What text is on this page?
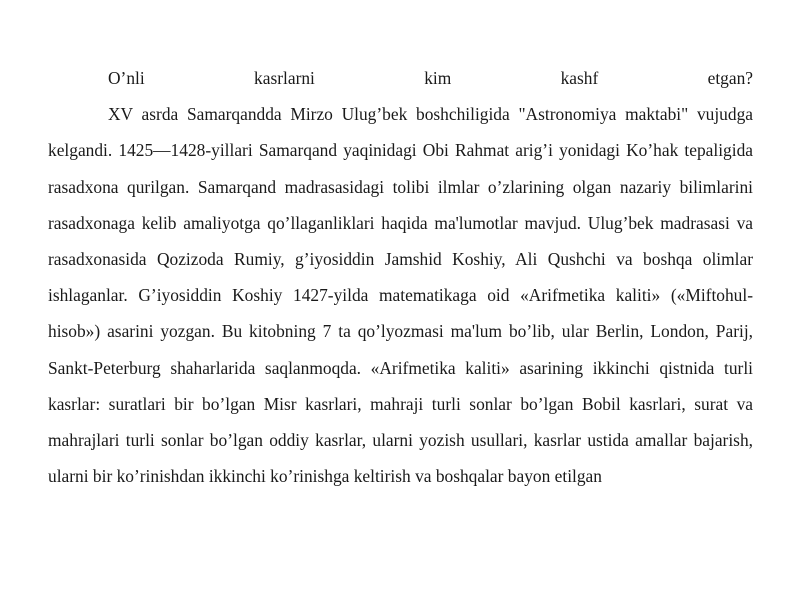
O’nli kasrlarni kim kashf etgan?

XV asrda Samarqandda Mirzo Ulug’bek boshchiligida "Astronomiya maktabi" vujudga kelgandi. 1425—1428-yillari Samarqand yaqinidagi Obi Rahmat arig’i yonidagi Ko’hak tepaligida rasadxona qurilgan. Samarqand madrasasidagi tolibi ilmlar o’zlarining olgan nazariy bilimlarini rasadxonaga kelib amaliyotga qo’llaganliklari haqida ma'lumotlar mavjud. Ulug’bek madrasasi va rasadxonasida Qozizoda Rumiy, g’iyosiddin Jamshid Koshiy, Ali Qushchi va boshqa olimlar ishlaganlar. G’iyosiddin Koshiy 1427-yilda matematikaga oid «Arifmetika kaliti» («Miftohul-hisob») asarini yozgan. Bu kitobning 7 ta qo’lyozmasi ma'lum bo’lib, ular Berlin, London, Parij, Sankt-Peterburg shaharlarida saqlanmoqda. «Arifmetika kaliti» asarining ikkinchi qistnida turli kasrlar: suratlari bir bo’lgan Misr kasrlari, mahraji turli sonlar bo’lgan Bobil kasrlari, surat va mahrajlari turli sonlar bo’lgan oddiy kasrlar, ularni yozish usullari, kasrlar ustida amallar bajarish, ularni bir ko’rinishdan ikkinchi ko’rinishga keltirish va boshqalar bayon etilgan
